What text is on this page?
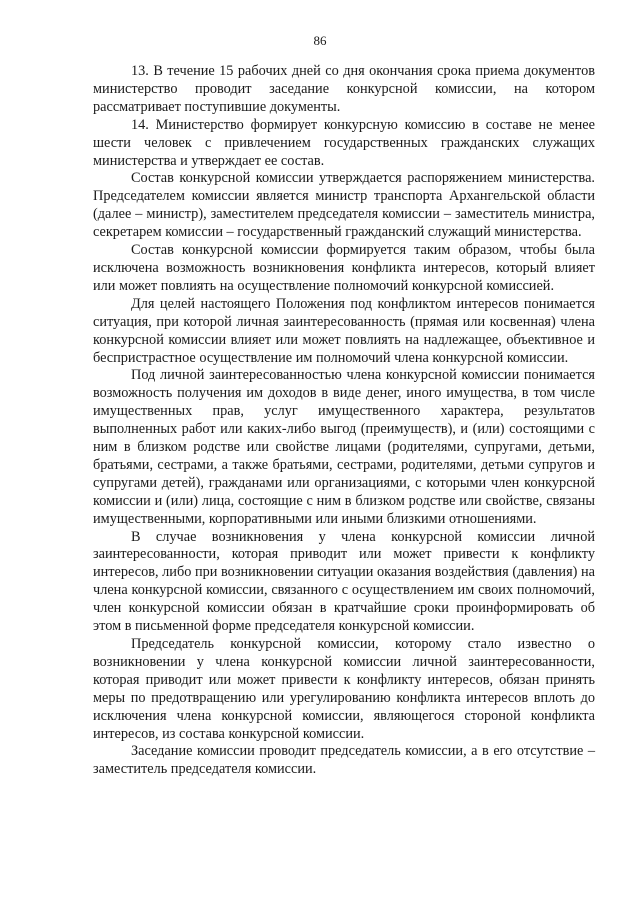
86

13. В течение 15 рабочих дней со дня окончания срока приема документов министерство проводит заседание конкурсной комиссии, на котором рассматривает поступившие документы.

14. Министерство формирует конкурсную комиссию в составе не менее шести человек с привлечением государственных гражданских служащих министерства и утверждает ее состав.

Состав конкурсной комиссии утверждается распоряжением министерства. Председателем комиссии является министр транспорта Архангельской области (далее – министр), заместителем председателя комиссии – заместитель министра, секретарем комиссии – государственный гражданский служащий министерства.

Состав конкурсной комиссии формируется таким образом, чтобы была исключена возможность возникновения конфликта интересов, который влияет или может повлиять на осуществление полномочий конкурсной комиссией.

Для целей настоящего Положения под конфликтом интересов понимается ситуация, при которой личная заинтересованность (прямая или косвенная) члена конкурсной комиссии влияет или может повлиять на надлежащее, объективное и беспристрастное осуществление им полномочий члена конкурсной комиссии.

Под личной заинтересованностью члена конкурсной комиссии понимается возможность получения им доходов в виде денег, иного имущества, в том числе имущественных прав, услуг имущественного характера, результатов выполненных работ или каких-либо выгод (преимуществ), и (или) состоящими с ним в близком родстве или свойстве лицами (родителями, супругами, детьми, братьями, сестрами, а также братьями, сестрами, родителями, детьми супругов и супругами детей), гражданами или организациями, с которыми член конкурсной комиссии и (или) лица, состоящие с ним в близком родстве или свойстве, связаны имущественными, корпоративными или иными близкими отношениями.

В случае возникновения у члена конкурсной комиссии личной заинтересованности, которая приводит или может привести к конфликту интересов, либо при возникновении ситуации оказания воздействия (давления) на члена конкурсной комиссии, связанного с осуществлением им своих полномочий, член конкурсной комиссии обязан в кратчайшие сроки проинформировать об этом в письменной форме председателя конкурсной комиссии.

Председатель конкурсной комиссии, которому стало известно о возникновении у члена конкурсной комиссии личной заинтересованности, которая приводит или может привести к конфликту интересов, обязан принять меры по предотвращению или урегулированию конфликта интересов вплоть до исключения члена конкурсной комиссии, являющегося стороной конфликта интересов, из состава конкурсной комиссии.

Заседание комиссии проводит председатель комиссии, а в его отсутствие – заместитель председателя комиссии.
